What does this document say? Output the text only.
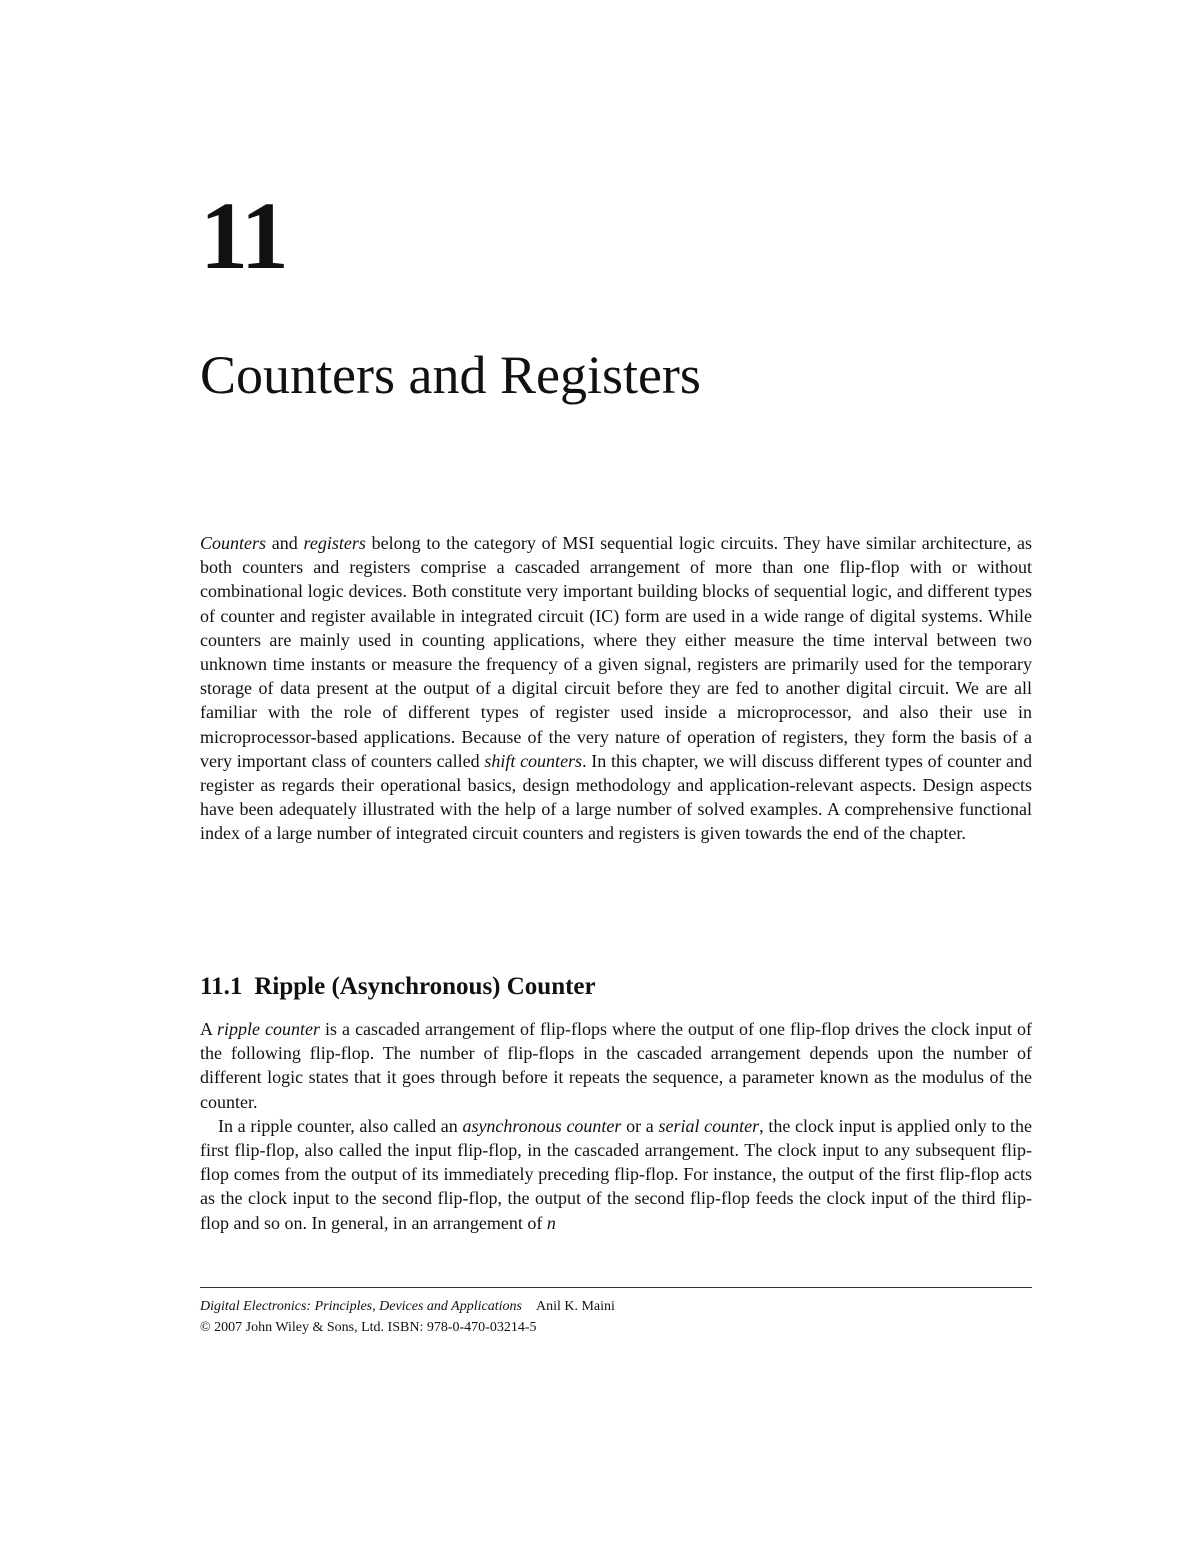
11
Counters and Registers

Counters and registers belong to the category of MSI sequential logic circuits. They have similar architecture, as both counters and registers comprise a cascaded arrangement of more than one flip-flop with or without combinational logic devices. Both constitute very important building blocks of sequential logic, and different types of counter and register available in integrated circuit (IC) form are used in a wide range of digital systems. While counters are mainly used in counting applications, where they either measure the time interval between two unknown time instants or measure the frequency of a given signal, registers are primarily used for the temporary storage of data present at the output of a digital circuit before they are fed to another digital circuit. We are all familiar with the role of different types of register used inside a microprocessor, and also their use in microprocessor-based applications. Because of the very nature of operation of registers, they form the basis of a very important class of counters called shift counters. In this chapter, we will discuss different types of counter and register as regards their operational basics, design methodology and application-relevant aspects. Design aspects have been adequately illustrated with the help of a large number of solved examples. A comprehensive functional index of a large number of integrated circuit counters and registers is given towards the end of the chapter.

11.1 Ripple (Asynchronous) Counter

A ripple counter is a cascaded arrangement of flip-flops where the output of one flip-flop drives the clock input of the following flip-flop. The number of flip-flops in the cascaded arrangement depends upon the number of different logic states that it goes through before it repeats the sequence, a parameter known as the modulus of the counter.

In a ripple counter, also called an asynchronous counter or a serial counter, the clock input is applied only to the first flip-flop, also called the input flip-flop, in the cascaded arrangement. The clock input to any subsequent flip-flop comes from the output of its immediately preceding flip-flop. For instance, the output of the first flip-flop acts as the clock input to the second flip-flop, the output of the second flip-flop feeds the clock input of the third flip-flop and so on. In general, in an arrangement of n

Digital Electronics: Principles, Devices and Applications Anil K. Maini
© 2007 John Wiley & Sons, Ltd. ISBN: 978-0-470-03214-5
